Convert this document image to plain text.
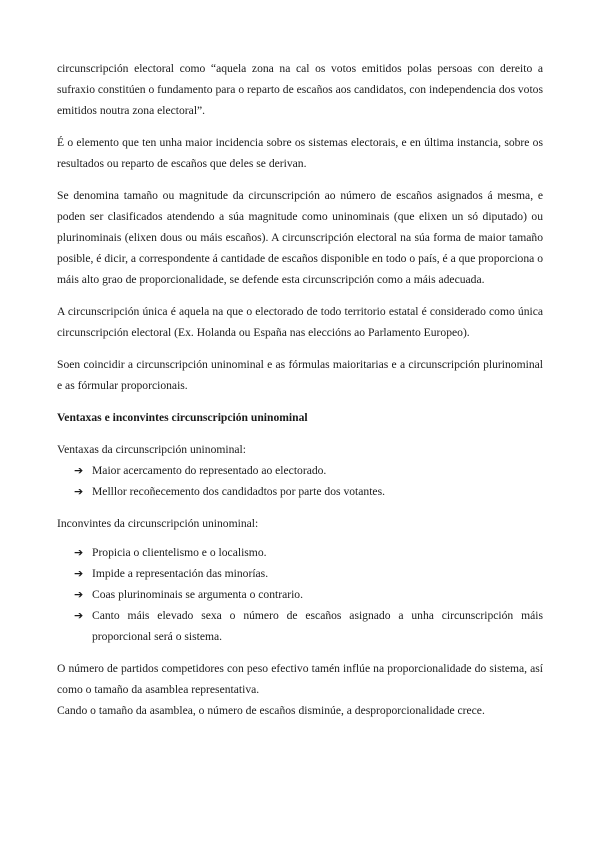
circunscripción electoral como “aquela zona na cal os votos emitidos polas persoas con dereito a sufraxio constitúen o fundamento para o reparto de escaños aos candidatos, con independencia dos votos emitidos noutra zona electoral”.

É o elemento que ten unha maior incidencia sobre os sistemas electorais, e en última instancia, sobre os resultados ou reparto de escaños que deles se derivan.

Se denomina tamaño ou magnitude da circunscripción ao número de escaños asignados á mesma, e poden ser clasificados atendendo a súa magnitude como uninominais (que elixen un só diputado) ou plurinominais (elixen dous ou máis escaños). A circunscripción electoral na súa forma de maior tamaño posible, é dicir, a correspondente á cantidade de escaños disponible en todo o país, é a que proporciona o máis alto grao de proporcionalidade, se defende esta circunscripción como a máis adecuada.

A circunscripción única é aquela na que o electorado de todo territorio estatal é considerado como única circunscripción electoral (Ex. Holanda ou España nas eleccións ao Parlamento Europeo).

Soen coincidir a circunscripción uninominal e as fórmulas maioritarias e a circunscripción plurinominal e as fórmular proporcionais.

Ventaxas e inconvintes circunscripción uninominal

Ventaxas da circunscripción uninominal:

➔ Maior acercamento do representado ao electorado.
➔ Melllor recoñecemento dos candidadtos por parte dos votantes.

Inconvintes da circunscripción uninominal:

➔ Propicia o clientelismo e o localismo.
➔ Impide a representación das minorías.
➔ Coas plurinominais se argumenta o contrario.
➔ Canto máis elevado sexa o número de escaños asignado a unha circunscripción máis proporcional será o sistema.

O número de partidos competidores con peso efectivo tamén inflúe na proporcionalidade do sistema, así como o tamaño da asamblea representativa.

Cando o tamaño da asamblea, o número de escaños disminúe, a desproporcionalidade crece.
